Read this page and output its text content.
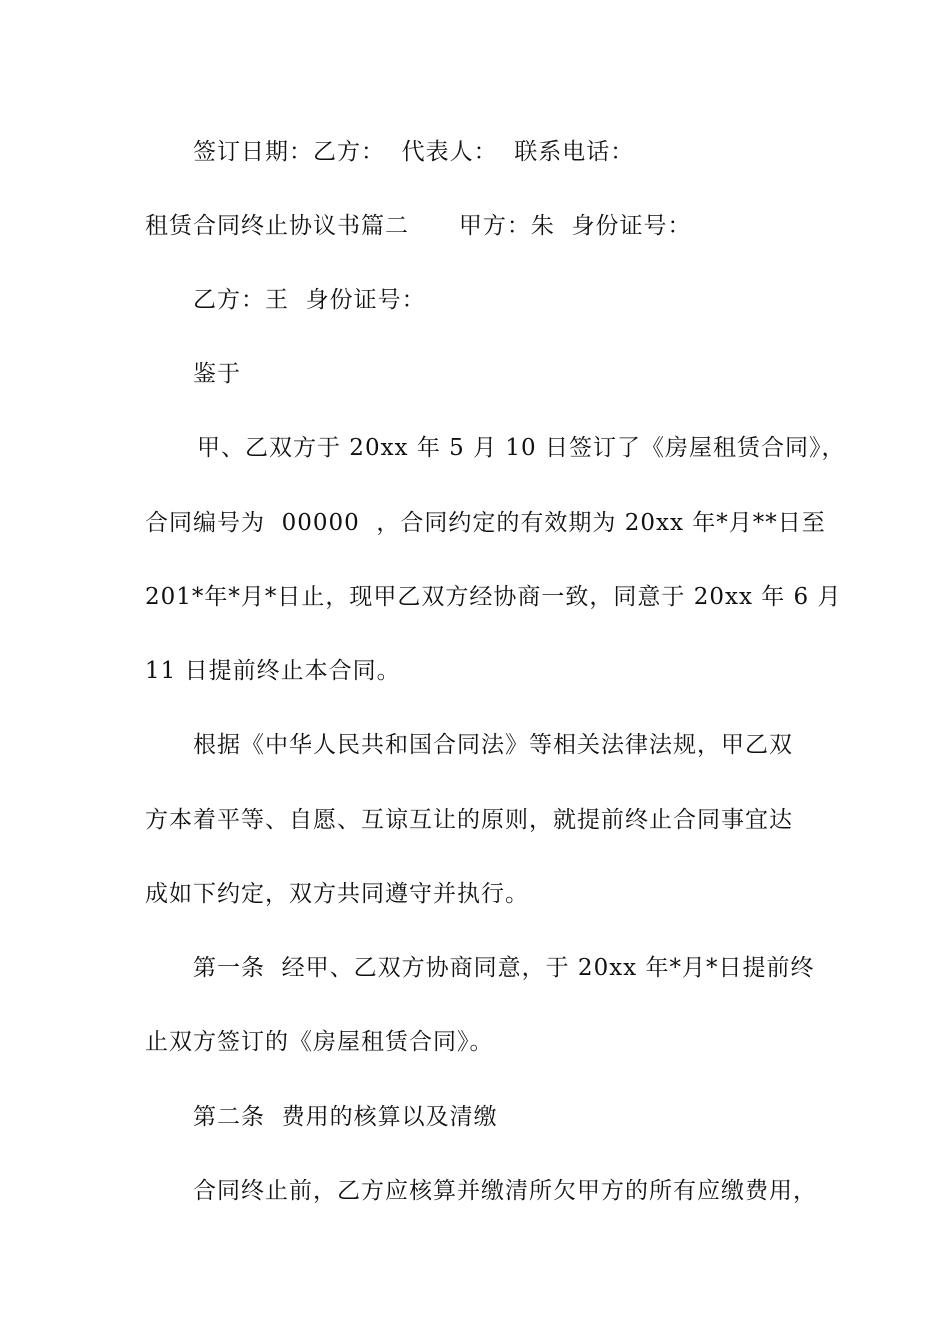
签订日期：乙方：  代表人：  联系电话：
租赁合同终止协议书篇二      甲方：朱  身份证号：
乙方：王  身份证号：
鉴于
甲、乙双方于 20xx 年 5 月 10 日签订了《房屋租赁合同》，
合同编号为  00000  ，合同约定的有效期为 20xx 年*月**日至
201*年*月*日止，现甲乙双方经协商一致，同意于 20xx 年 6 月
11 日提前终止本合同。
根据《中华人民共和国合同法》等相关法律法规，甲乙双
方本着平等、自愿、互谅互让的原则，就提前终止合同事宜达
成如下约定，双方共同遵守并执行。
第一条  经甲、乙双方协商同意，于 20xx 年*月*日提前终
止双方签订的《房屋租赁合同》。
第二条  费用的核算以及清缴
合同终止前，乙方应核算并缴清所欠甲方的所有应缴费用，
